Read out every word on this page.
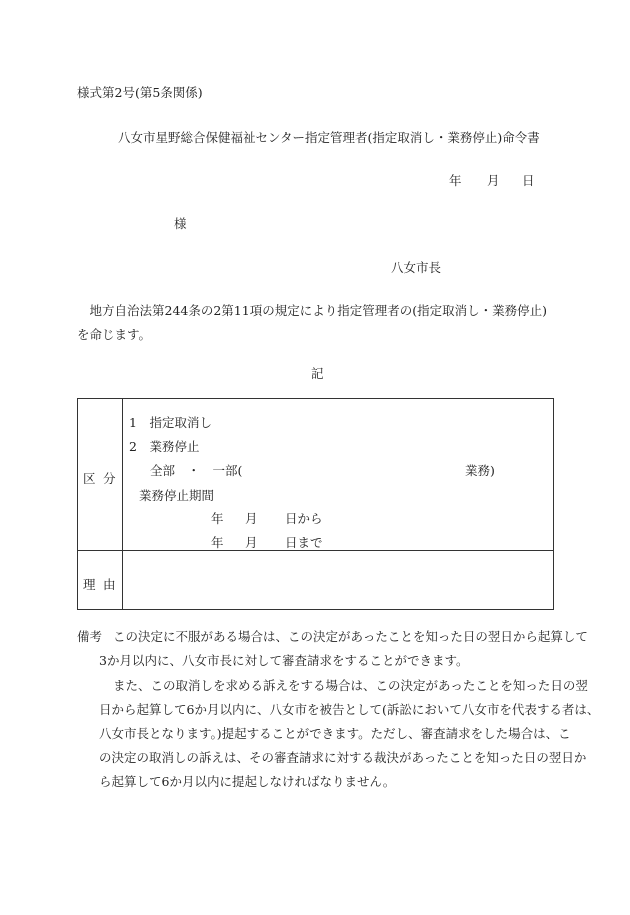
様式第2号(第5条関係)
八女市星野総合保健福祉センター指定管理者(指定取消し・業務停止)命令書
年 月 日
様
八女市長
地方自治法第244条の2第11項の規定により指定管理者の(指定取消し・業務停止)を命じます。
記
区分
1　指定取消し
2　業務停止
全部　・　一部(	業務)
業務停止期間
年 月 日から
年 月 日まで
理由
備考 この決定に不服がある場合は、この決定があったことを知った日の翌日から起算して
3か月以内に、八女市長に対して審査請求をすることができます。
また、この取消しを求める訴えをする場合は、この決定があったことを知った日の翌
日から起算して6か月以内に、八女市を被告として(訴訟において八女市を代表する者は、
八女市長となります。)提起することができます。ただし、審査請求をした場合は、こ
の決定の取消しの訴えは、その審査請求に対する裁決があったことを知った日の翌日か
ら起算して6か月以内に提起しなければなりません。
